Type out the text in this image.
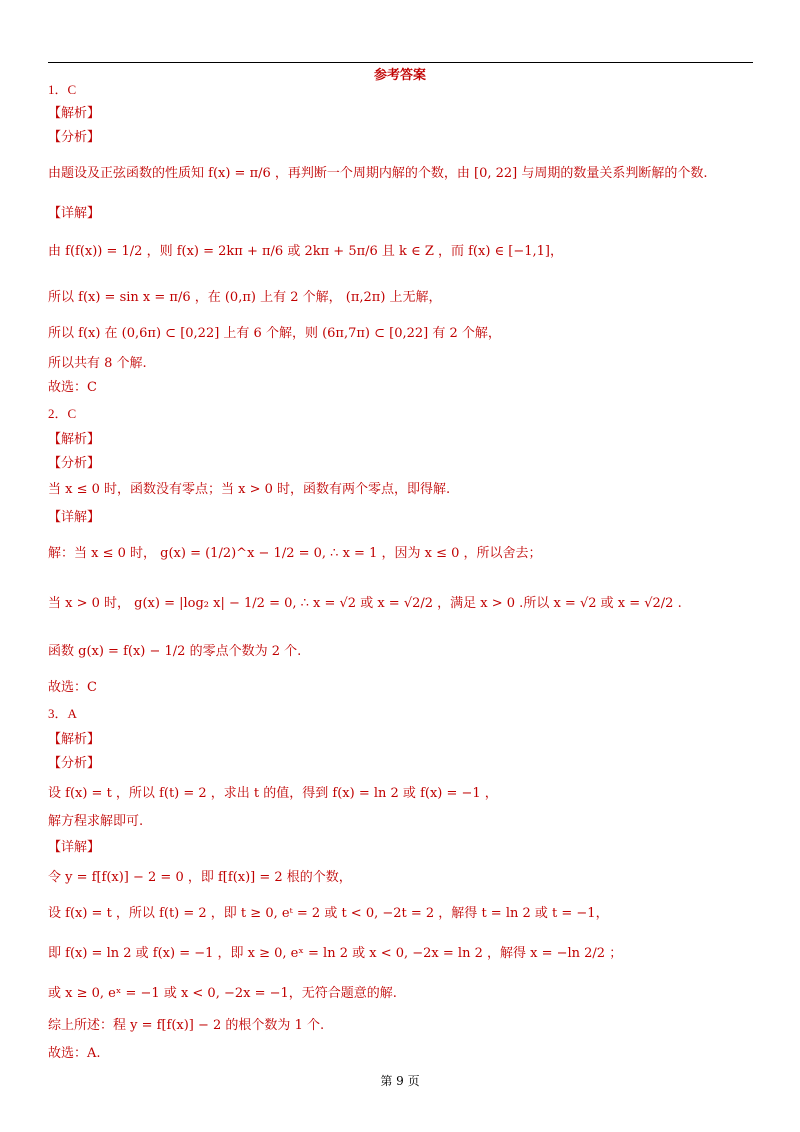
参考答案
1．C
【解析】
【分析】
由题设及正弦函数的性质知 f(x) = π/6 ，再判断一个周期内解的个数，由 [0, 22] 与周期的数量关系判断解的个数.
【详解】
由 f(f(x)) = 1/2 ，则 f(x) = 2kπ + π/6 或 2kπ + 5π/6 且 k ∈ Z ，而 f(x) ∈ [−1,1]，
所以 f(x) = sin x = π/6 ，在 (0,π) 上有 2 个解， (π,2π) 上无解，
所以 f(x) 在 (0,6π) ⊂ [0,22] 上有 6 个解，则 (6π,7π) ⊂ [0,22] 有 2 个解，
所以共有 8 个解.
故选：C
2．C
【解析】
【分析】
当 x ≤ 0 时，函数没有零点；当 x > 0 时，函数有两个零点，即得解.
【详解】
解：当 x ≤ 0 时， g(x) = (1/2)^x − 1/2 = 0, ∴ x = 1 ，因为 x ≤ 0 ，所以舍去；
当 x > 0 时， g(x) = |log₂ x| − 1/2 = 0, ∴ x = √2 或 x = √2/2 ，满足 x > 0 .所以 x = √2 或 x = √2/2 .
函数 g(x) = f(x) − 1/2 的零点个数为 2 个.
故选：C
3．A
【解析】
【分析】
设 f(x) = t ，所以 f(t) = 2 ，求出 t 的值，得到 f(x) = ln 2 或 f(x) = −1 ，
解方程求解即可.
【详解】
令 y = f[f(x)] − 2 = 0 ，即 f[f(x)] = 2 根的个数，
设 f(x) = t ，所以 f(t) = 2 ，即 t ≥ 0, eᵗ = 2 或 t < 0, −2t = 2 ，解得 t = ln 2 或 t = −1，
即 f(x) = ln 2 或 f(x) = −1 ，即 x ≥ 0, eˣ = ln 2 或 x < 0, −2x = ln 2 ，解得 x = −ln 2/2 ；
或 x ≥ 0, eˣ = −1 或 x < 0, −2x = −1，无符合题意的解.
综上所述：程 y = f[f(x)] − 2 的根个数为 1 个.
故选：A.
第 9 页
